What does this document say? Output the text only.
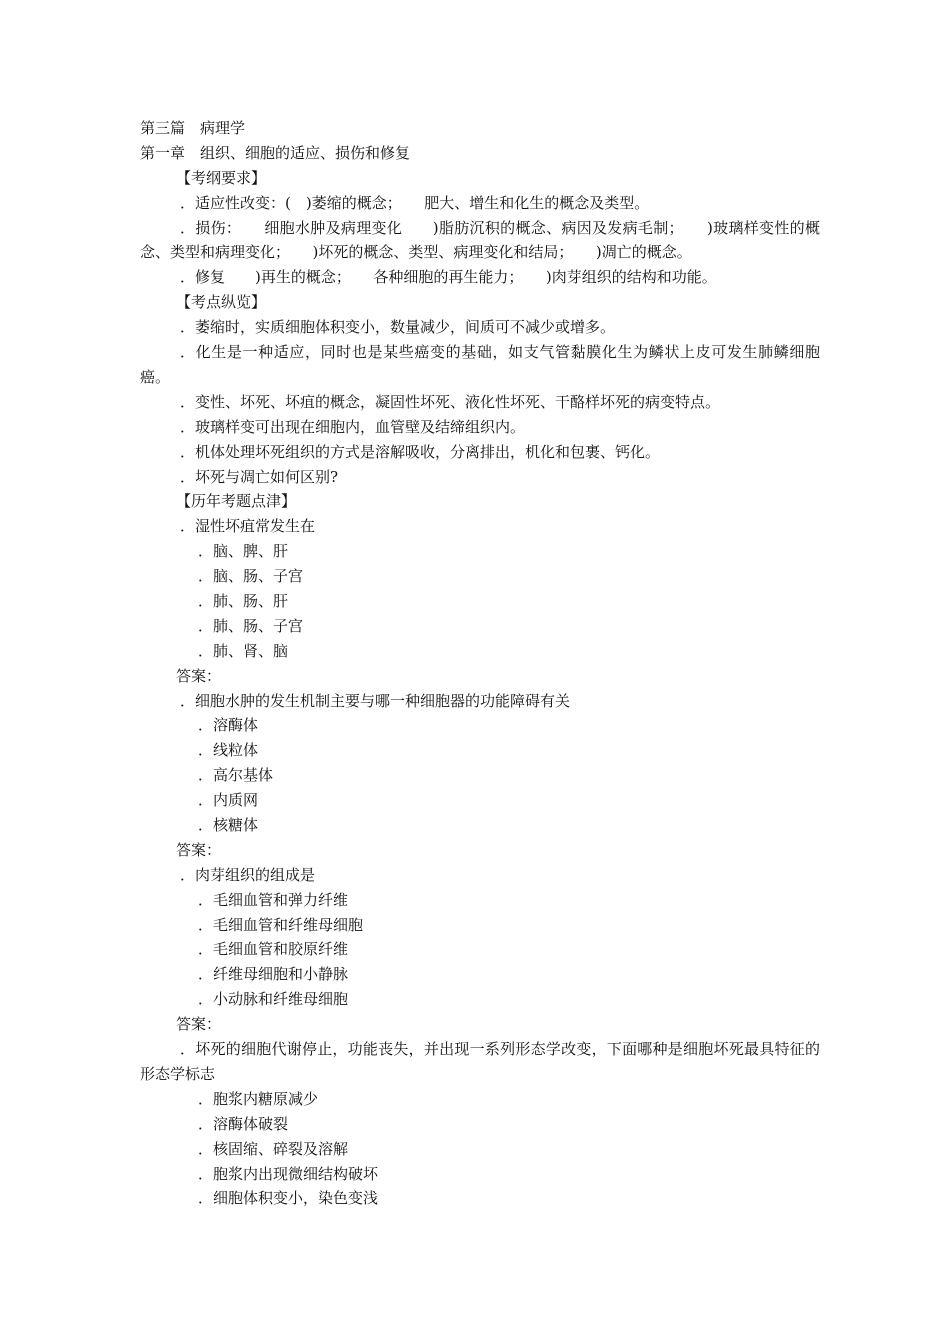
第三篇　病理学
第一章　组织、细胞的适应、损伤和修复
【考纲要求】
．适应性改变：(　)萎缩的概念；　　肥大、增生和化生的概念及类型。
．损伤：　　细胞水肿及病理变化　　)脂肪沉积的概念、病因及发病毛制；　　)玻璃样变性的概念、类型和病理变化；　　)坏死的概念、类型、病理变化和结局；　　)凋亡的概念。
．修复　　)再生的概念；　　各种细胞的再生能力；　　)肉芽组织的结构和功能。
【考点纵览】
．萎缩时，实质细胞体积变小，数量减少，间质可不减少或增多。
．化生是一种适应，同时也是某些癌变的基础，如支气管黏膜化生为鳞状上皮可发生肺鳞细胞癌。
．变性、坏死、坏疽的概念，凝固性坏死、液化性坏死、干酪样坏死的病变特点。
．玻璃样变可出现在细胞内，血管壁及结缔组织内。
．机体处理坏死组织的方式是溶解吸收，分离排出，机化和包裹、钙化。
．坏死与凋亡如何区别?
【历年考题点津】
．湿性坏疽常发生在
．脑、脾、肝
．脑、肠、子宫
．肺、肠、肝
．肺、肠、子宫
．肺、肾、脑
答案：
．细胞水肿的发生机制主要与哪一种细胞器的功能障碍有关
．溶酶体
．线粒体
．高尔基体
．内质网
．核糖体
答案：
．肉芽组织的组成是
．毛细血管和弹力纤维
．毛细血管和纤维母细胞
．毛细血管和胶原纤维
．纤维母细胞和小静脉
．小动脉和纤维母细胞
答案：
．坏死的细胞代谢停止，功能丧失，并出现一系列形态学改变，下面哪种是细胞坏死最具特征的形态学标志
．胞浆内糖原减少
．溶酶体破裂
．核固缩、碎裂及溶解
．胞浆内出现微细结构破坏
．细胞体积变小，染色变浅
